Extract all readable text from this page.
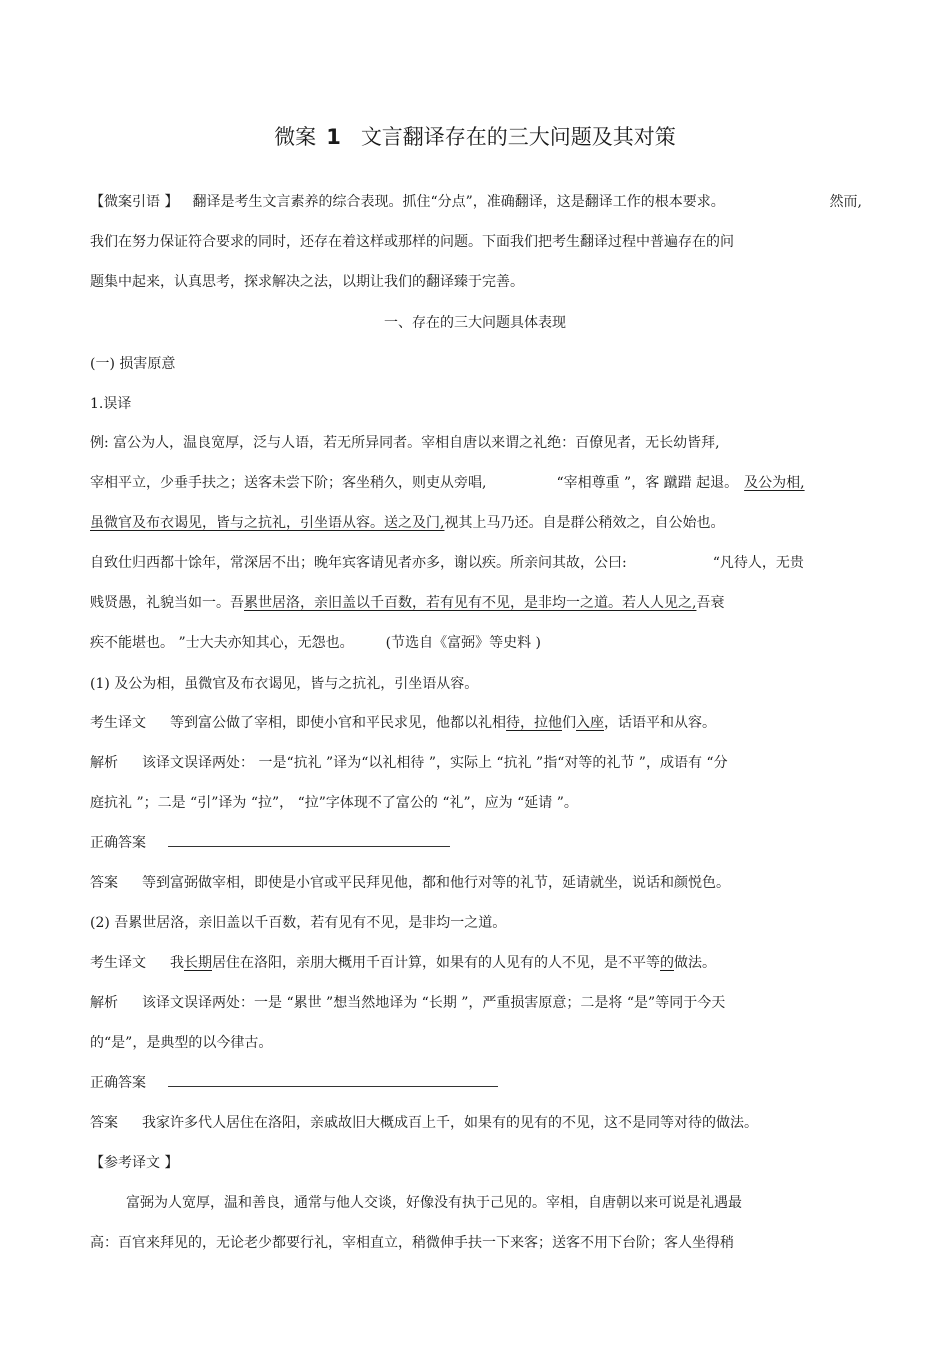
微案 1 文言翻译存在的三大问题及其对策
【微案引语 】 翻译是考生文言素养的综合表现。抓住“分点”，准确翻译，这是翻译工作的根本要求。	然而,
我们在努力保证符合要求的同时，还存在着这样或那样的问题。下面我们把考生翻译过程中普遍存在的问
题集中起来，认真思考，探求解决之法，以期让我们的翻译臻于完善。
一、存在的三大问题具体表现
(一) 损害原意
1.误译
例: 富公为人，温良宽厚，泛与人语，若无所异同者。宰相自唐以来谓之礼绝：百僚见者，无长幼皆拜,
宰相平立，少垂手扶之；送客未尝下阶；客坐稍久，则吏从旁唱,	“宰相尊重 ”，客 蹴踖 起退。 及公为相,
虽微官及布衣谒见，皆与之抗礼，引坐语从容。送之及门,视其上马乃还。自是群公稍效之，自公始也。
自致仕归西都十馀年，常深居不出；晚年宾客请见者亦多，谢以疾。所亲问其故，公曰:	“凡待人，无贵
贱贤愚，礼貌当如一。吾累世居洛，亲旧盖以千百数，若有见有不见，是非均一之道。若人人见之,吾衰
疾不能堪也。 ”士大夫亦知其心，无怨也。 (节选自《富弼》等史料 )
(1) 及公为相，虽微官及布衣谒见，皆与之抗礼，引坐语从容。
考生译文 等到富公做了宰相，即使小官和平民求见，他都以礼相待，拉他们入座，话语平和从容。
解析 该译文误译两处： 一是“抗礼 ”译为“以礼相待 ”，实际上 “抗礼 ”指“对等的礼节 ”，成语有 “分
庭抗礼 ”；二是 “引”译为 “拉”， “拉”字体现不了富公的 “礼”，应为 “延请 ”。
正确答案
答案 等到富弼做宰相，即使是小官或平民拜见他，都和他行对等的礼节，延请就坐，说话和颜悦色。
(2) 吾累世居洛，亲旧盖以千百数，若有见有不见，是非均一之道。
考生译文 我长期居住在洛阳，亲朋大概用千百计算，如果有的人见有的人不见，是不平等的做法。
解析 该译文误译两处：一是 “累世 ”想当然地译为 “长期 ”，严重损害原意；二是将 “是”等同于今天
的“是”，是典型的以今律古。
正确答案
答案 我家许多代人居住在洛阳，亲戚故旧大概成百上千，如果有的见有的不见，这不是同等对待的做法。
【参考译文 】
富弼为人宽厚，温和善良，通常与他人交谈，好像没有执于己见的。宰相，自唐朝以来可说是礼遇最
高：百官来拜见的，无论老少都要行礼，宰相直立，稍微伸手扶一下来客；送客不用下台阶；客人坐得稍
